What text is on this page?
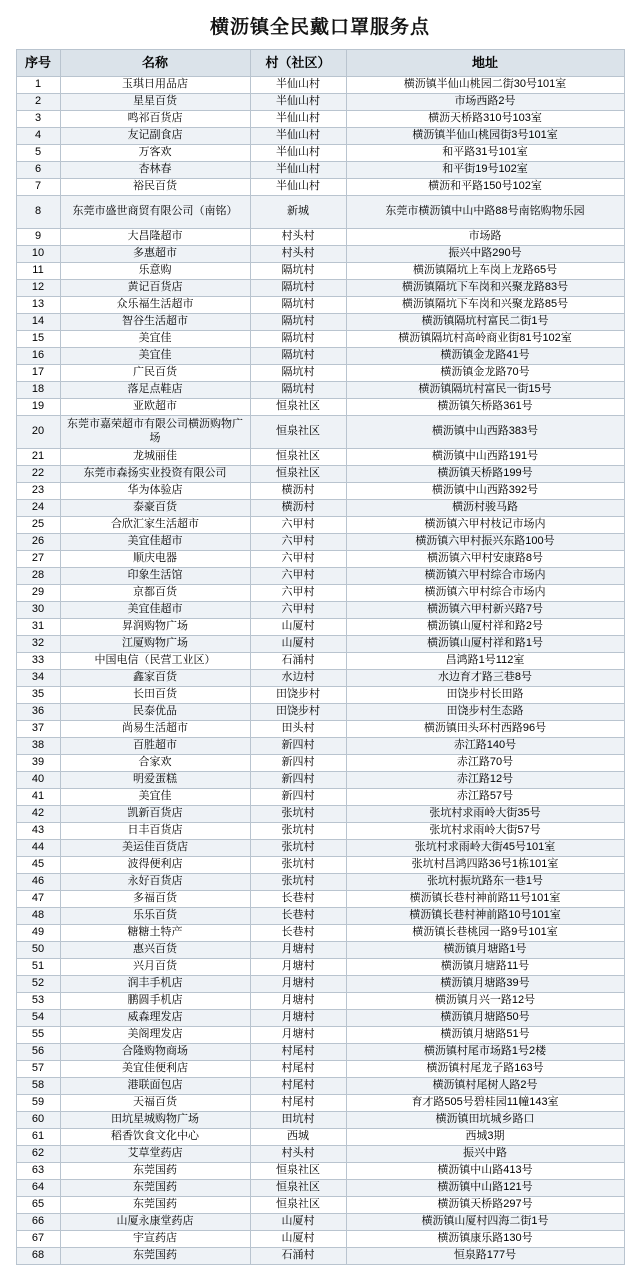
横沥镇全民戴口罩服务点
序号	名称	村（社区）	地址
1	玉琪日用品店	半仙山村	横沥镇半仙山桃园二街30号101室
2	星星百货	半仙山村	市场西路2号
3	鸣祁百货店	半仙山村	横沥天桥路310号103室
4	友记副食店	半仙山村	横沥镇半仙山桃园街3号101室
5	万客欢	半仙山村	和平路31号101室
6	杏林春	半仙山村	和平街19号102室
7	裕民百货	半仙山村	横沥和平路150号102室
8	东莞市盛世商贸有限公司（南铭）	新城	东莞市横沥镇中山中路88号南铭购物乐园
9	大昌隆超市	村头村	市场路
10	多惠超市	村头村	振兴中路290号
11	乐意购	隔坑村	横沥镇隔坑上车岗上龙路65号
12	黄记百货店	隔坑村	横沥镇隔坑下车岗和兴聚龙路83号
13	众乐福生活超市	隔坑村	横沥镇隔坑下车岗和兴聚龙路85号
14	智谷生活超市	隔坑村	横沥镇隔坑村富民二街1号
15	美宜佳	隔坑村	横沥镇隔坑村高岭商业街81号102室
16	美宜佳	隔坑村	横沥镇金龙路41号
17	广民百货	隔坑村	横沥镇金龙路70号
18	落足点鞋店	隔坑村	横沥镇隔坑村富民一街15号
19	亚欧超市	恒泉社区	横沥镇矢桥路361号
20	东莞市嘉荣超市有限公司横沥购物广场	恒泉社区	横沥镇中山西路383号
21	龙城丽佳	恒泉社区	横沥镇中山西路191号
22	东莞市森扬实业投资有限公司	恒泉社区	横沥镇天桥路199号
23	华为体验店	横沥村	横沥镇中山西路392号
24	泰豪百货	横沥村	横沥村骏马路
25	合欣汇家生活超市	六甲村	横沥镇六甲村枝记市场内
26	美宜佳超市	六甲村	横沥镇六甲村振兴东路100号
27	顺庆电器	六甲村	横沥镇六甲村安康路8号
28	印象生活馆	六甲村	横沥镇六甲村综合市场内
29	京都百货	六甲村	横沥镇六甲村综合市场内
30	美宜佳超市	六甲村	横沥镇六甲村新兴路7号
31	昇润购物广场	山厦村	横沥镇山厦村祥和路2号
32	江厦购物广场	山厦村	横沥镇山厦村祥和路1号
33	中国电信（民营工业区）	石涌村	昌鸿路1号112室
34	鑫家百货	水边村	水边育才路三巷8号
35	长田百货	田饶步村	田饶步村长田路
36	民泰优品	田饶步村	田饶步村生态路
37	尚易生活超市	田头村	横沥镇田头环村西路96号
38	百胜超市	新四村	赤江路140号
39	合家欢	新四村	赤江路70号
40	明爱蛋糕	新四村	赤江路12号
41	美宜佳	新四村	赤江路57号
42	凯新百货店	张坑村	张坑村求雨岭大街35号
43	日丰百货店	张坑村	张坑村求雨岭大街57号
44	美运佳百货店	张坑村	张坑村求雨岭大街45号101室
45	波得便利店	张坑村	张坑村昌鸿四路36号1栋101室
46	永好百货店	张坑村	张坑村振坑路东一巷1号
47	多福百货	长巷村	横沥镇长巷村神前路11号101室
48	乐乐百货	长巷村	横沥镇长巷村神前路10号101室
49	糖糖土特产	长巷村	横沥镇长巷桃园一路9号101室
50	惠兴百货	月塘村	横沥镇月塘路1号
51	兴月百货	月塘村	横沥镇月塘路11号
52	润丰手机店	月塘村	横沥镇月塘路39号
53	鹏圆手机店	月塘村	横沥镇月兴一路12号
54	威森理发店	月塘村	横沥镇月塘路50号
55	美阁理发店	月塘村	横沥镇月塘路51号
56	合隆购物商场	村尾村	横沥镇村尾市场路1号2楼
57	美宜佳便利店	村尾村	横沥镇村尾龙子路163号
58	港联面包店	村尾村	横沥镇村尾树人路2号
59	天福百货	村尾村	育才路505号碧桂园11幢143室
60	田坑星城购物广场	田坑村	横沥镇田坑城乡路口
61	稻香饮食文化中心	西城	西城3期
62	艾草堂药店	村头村	振兴中路
63	东莞国药	恒泉社区	横沥镇中山路413号
64	东莞国药	恒泉社区	横沥镇中山路121号
65	东莞国药	恒泉社区	横沥镇天桥路297号
66	山厦永康堂药店	山厦村	横沥镇山厦村四海二街1号
67	宇宣药店	山厦村	横沥镇康乐路130号
68	东莞国药	石涌村	恒泉路177号
